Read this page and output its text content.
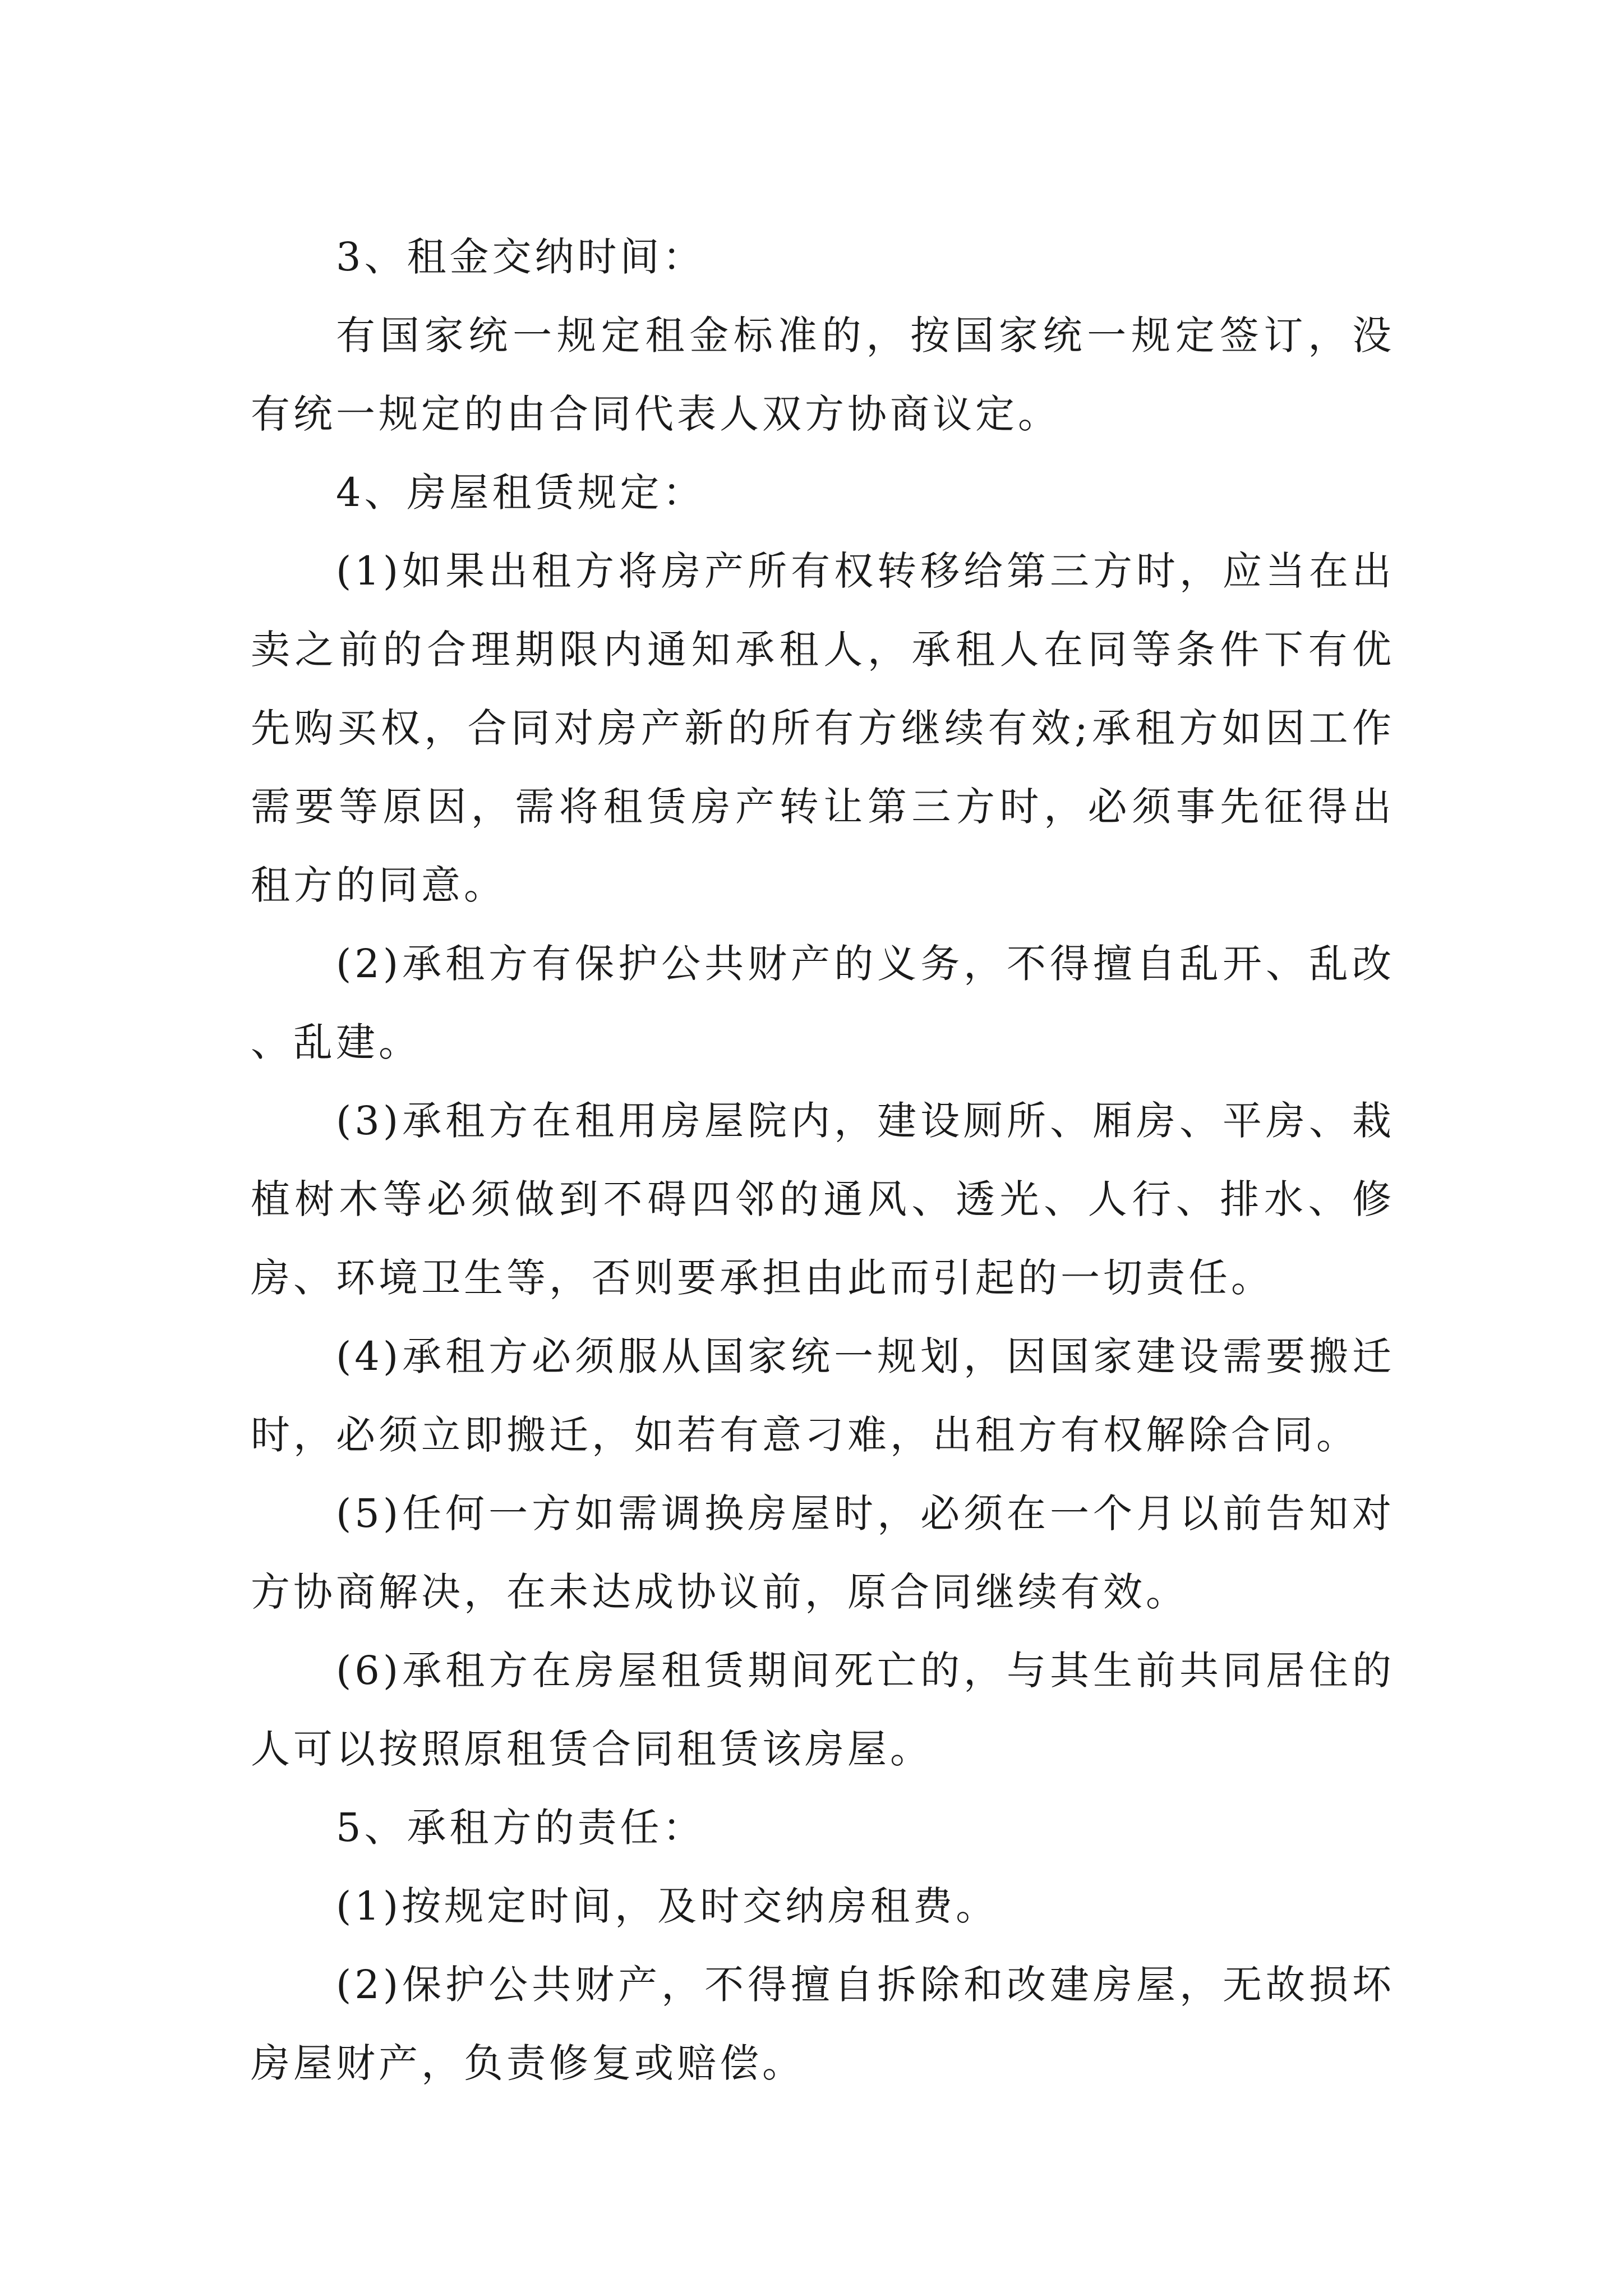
3、租金交纳时间：

有国家统一规定租金标准的，按国家统一规定签订，没有统一规定的由合同代表人双方协商议定。

4、房屋租赁规定：

(1)如果出租方将房产所有权转移给第三方时，应当在出卖之前的合理期限内通知承租人，承租人在同等条件下有优先购买权，合同对房产新的所有方继续有效;承租方如因工作需要等原因，需将租赁房产转让第三方时，必须事先征得出租方的同意。

(2)承租方有保护公共财产的义务，不得擅自乱开、乱改、乱建。

(3)承租方在租用房屋院内，建设厕所、厢房、平房、栽植树木等必须做到不碍四邻的通风、透光、人行、排水、修房、环境卫生等，否则要承担由此而引起的一切责任。

(4)承租方必须服从国家统一规划，因国家建设需要搬迁时，必须立即搬迁，如若有意刁难，出租方有权解除合同。

(5)任何一方如需调换房屋时，必须在一个月以前告知对方协商解决，在未达成协议前，原合同继续有效。

(6)承租方在房屋租赁期间死亡的，与其生前共同居住的人可以按照原租赁合同租赁该房屋。

5、承租方的责任：

(1)按规定时间，及时交纳房租费。

(2)保护公共财产，不得擅自拆除和改建房屋，无故损坏房屋财产，负责修复或赔偿。
